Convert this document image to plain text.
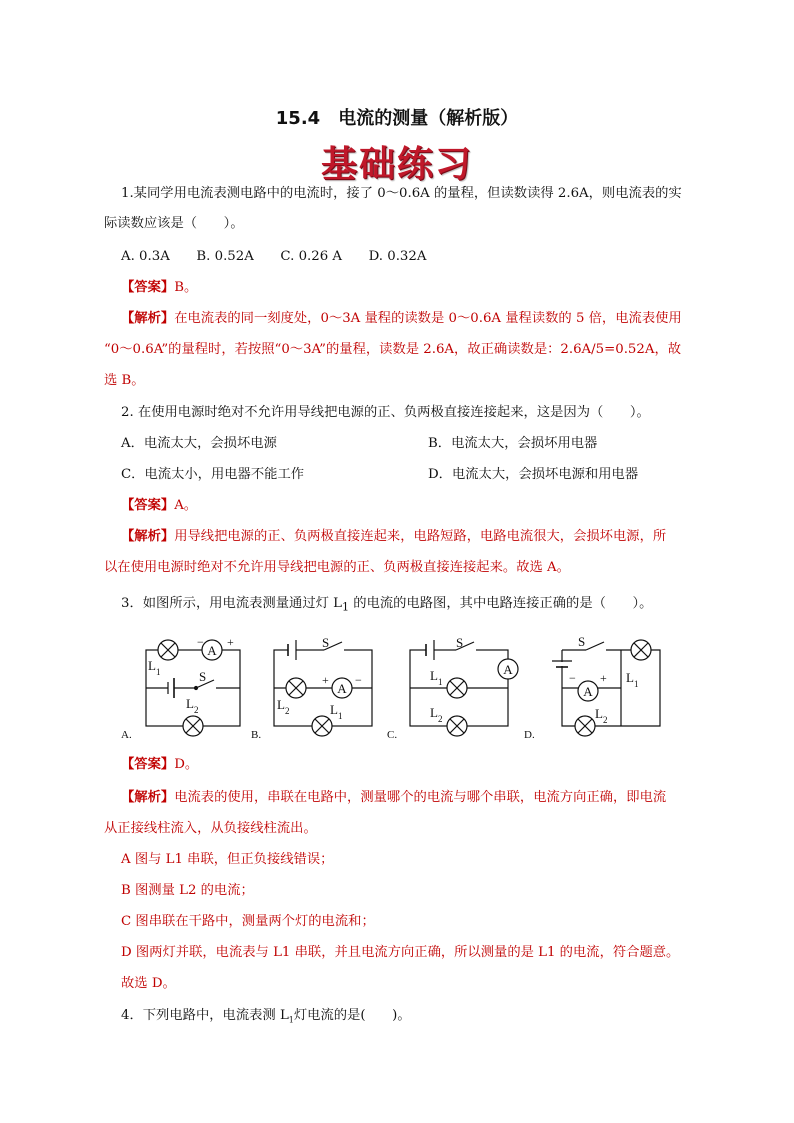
15.4　电流的测量（解析版）
基础练习
1.某同学用电流表测电路中的电流时，接了 0～0.6A 的量程，但读数读得 2.6A，则电流表的实
际读数应该是（　　）。
A. 0.3A　　B. 0.52A　　C. 0.26 A　　D. 0.32A
【答案】B。
【解析】在电流表的同一刻度处，0～3A 量程的读数是 0～0.6A 量程读数的 5 倍，电流表使用
“0～0.6A”的量程时，若按照“0～3A”的量程，读数是 2.6A，故正确读数是：2.6A/5=0.52A，故
选 B。
2. 在使用电源时绝对不允许用导线把电源的正、负两极直接连接起来，这是因为（　　）。
A．电流太大，会损坏电源	B．电流太大，会损坏用电器
C．电流太小，用电器不能工作	D．电流太大，会损坏电源和用电器
【答案】A。
【解析】用导线把电源的正、负两极直接连起来，电路短路，电路电流很大，会损坏电源，所
以在使用电源时绝对不允许用导线把电源的正、负两极直接连接起来。故选 A。
3．如图所示，用电流表测量通过灯 $L_1$ 的电流的电路图，其中电路连接正确的是（　　）。
A
− +
S
L 1
L 2
A.
S
A
+ −
L 2	L 1
B.
S
A
L 1
L 2
C.
S
A
− + L 1
L 2
D.
【答案】D。
【解析】电流表的使用，串联在电路中，测量哪个的电流与哪个串联，电流方向正确，即电流
从正接线柱流入，从负接线柱流出。
A 图与 L1 串联，但正负接线错误；
B 图测量 L2 的电流；
C 图串联在干路中，测量两个灯的电流和；
D 图两灯并联，电流表与 L1 串联，并且电流方向正确，所以测量的是 L1 的电流，符合题意。
故选 D。
4．下列电路中，电流表测 $L_1$灯电流的是(　　)。
